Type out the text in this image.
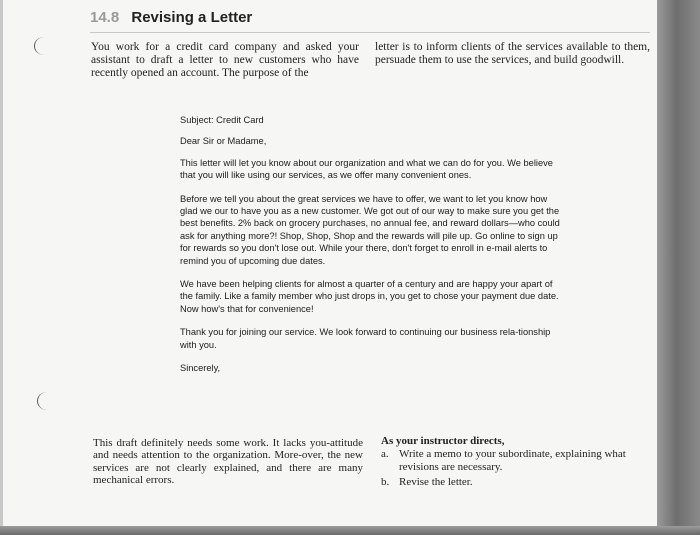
14.8 Revising a Letter
You work for a credit card company and asked your assistant to draft a letter to new customers who have recently opened an account. The purpose of the
letter is to inform clients of the services available to them, persuade them to use the services, and build goodwill.

Subject: Credit Card

Dear Sir or Madame,

This letter will let you know about our organization and what we can do for you. We believe that you will like using our services, as we offer many convenient ones.

Before we tell you about the great services we have to offer, we want to let you know how glad we our to have you as a new customer. We got out of our way to make sure you get the best benefits. 2% back on grocery purchases, no annual fee, and reward dollars—who could ask for anything more?! Shop, Shop, Shop and the rewards will pile up. Go online to sign up for rewards so you don't lose out. While your there, don't forget to enroll in e-mail alerts to remind you of upcoming due dates.

We have been helping clients for almost a quarter of a century and are happy your apart of the family. Like a family member who just drops in, you get to chose your payment due date. Now how's that for convenience!

Thank you for joining our service. We look forward to continuing our business rela-tionship with you.

Sincerely,

This draft definitely needs some work. It lacks you-attitude and needs attention to the organization. More-over, the new services are not clearly explained, and there are many mechanical errors.
As your instructor directs,
a. Write a memo to your subordinate, explaining what revisions are necessary.
b. Revise the letter.
